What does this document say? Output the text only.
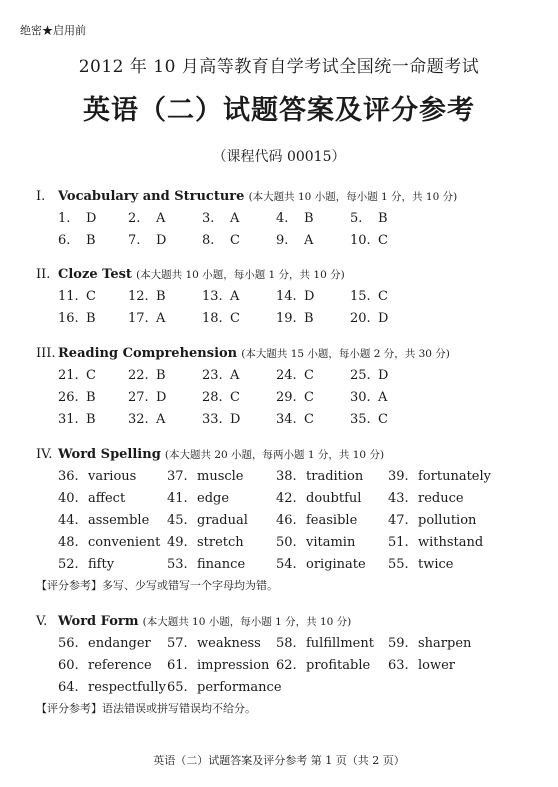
绝密★启用前
2012 年 10 月高等教育自学考试全国统一命题考试
英语（二）试题答案及评分参考
（课程代码 00015）
I. Vocabulary and Structure (本大题共 10 小题，每小题 1 分，共 10 分)
1. D 2. A	3. A	4. B	5. B
6. B 7. D	8. C	9. A	10. C
II. Cloze Test (本大题共 10 小题，每小题 1 分，共 10 分)
11. C 12. B	13. A	14. D	15. C
16. B 17. A	18. C	19. B	20. D
III. Reading Comprehension (本大题共 15 小题，每小题 2 分，共 30 分)
21. C 22. B	23. A	24. C	25. D
26. B 27. D	28. C	29. C	30. A
31. B 32. A	33. D	34. C	35. C
IV. Word Spelling (本大题共 20 小题，每两小题 1 分，共 10 分)
36. various 37. muscle 38. tradition 39. fortunately
40. affect	41. edge	42. doubtful 43. reduce
44. assemble 45. gradual 46. feasible 47. pollution
48. convenient 49. stretch 50. vitamin	51. withstand
52. fifty	53. finance 54. originate 55. twice
【评分参考】多写、少写或错写一个字母均为错。
V. Word Form (本大题共 10 小题，每小题 1 分，共 10 分)
56. endanger 57. weakness 58. fulfillment 59. sharpen
60. reference 61. impression 62. profitable 63. lower
64. respectfully 65. performance
【评分参考】语法错误或拼写错误均不给分。
英语（二）试题答案及评分参考 第 1 页（共 2 页）
